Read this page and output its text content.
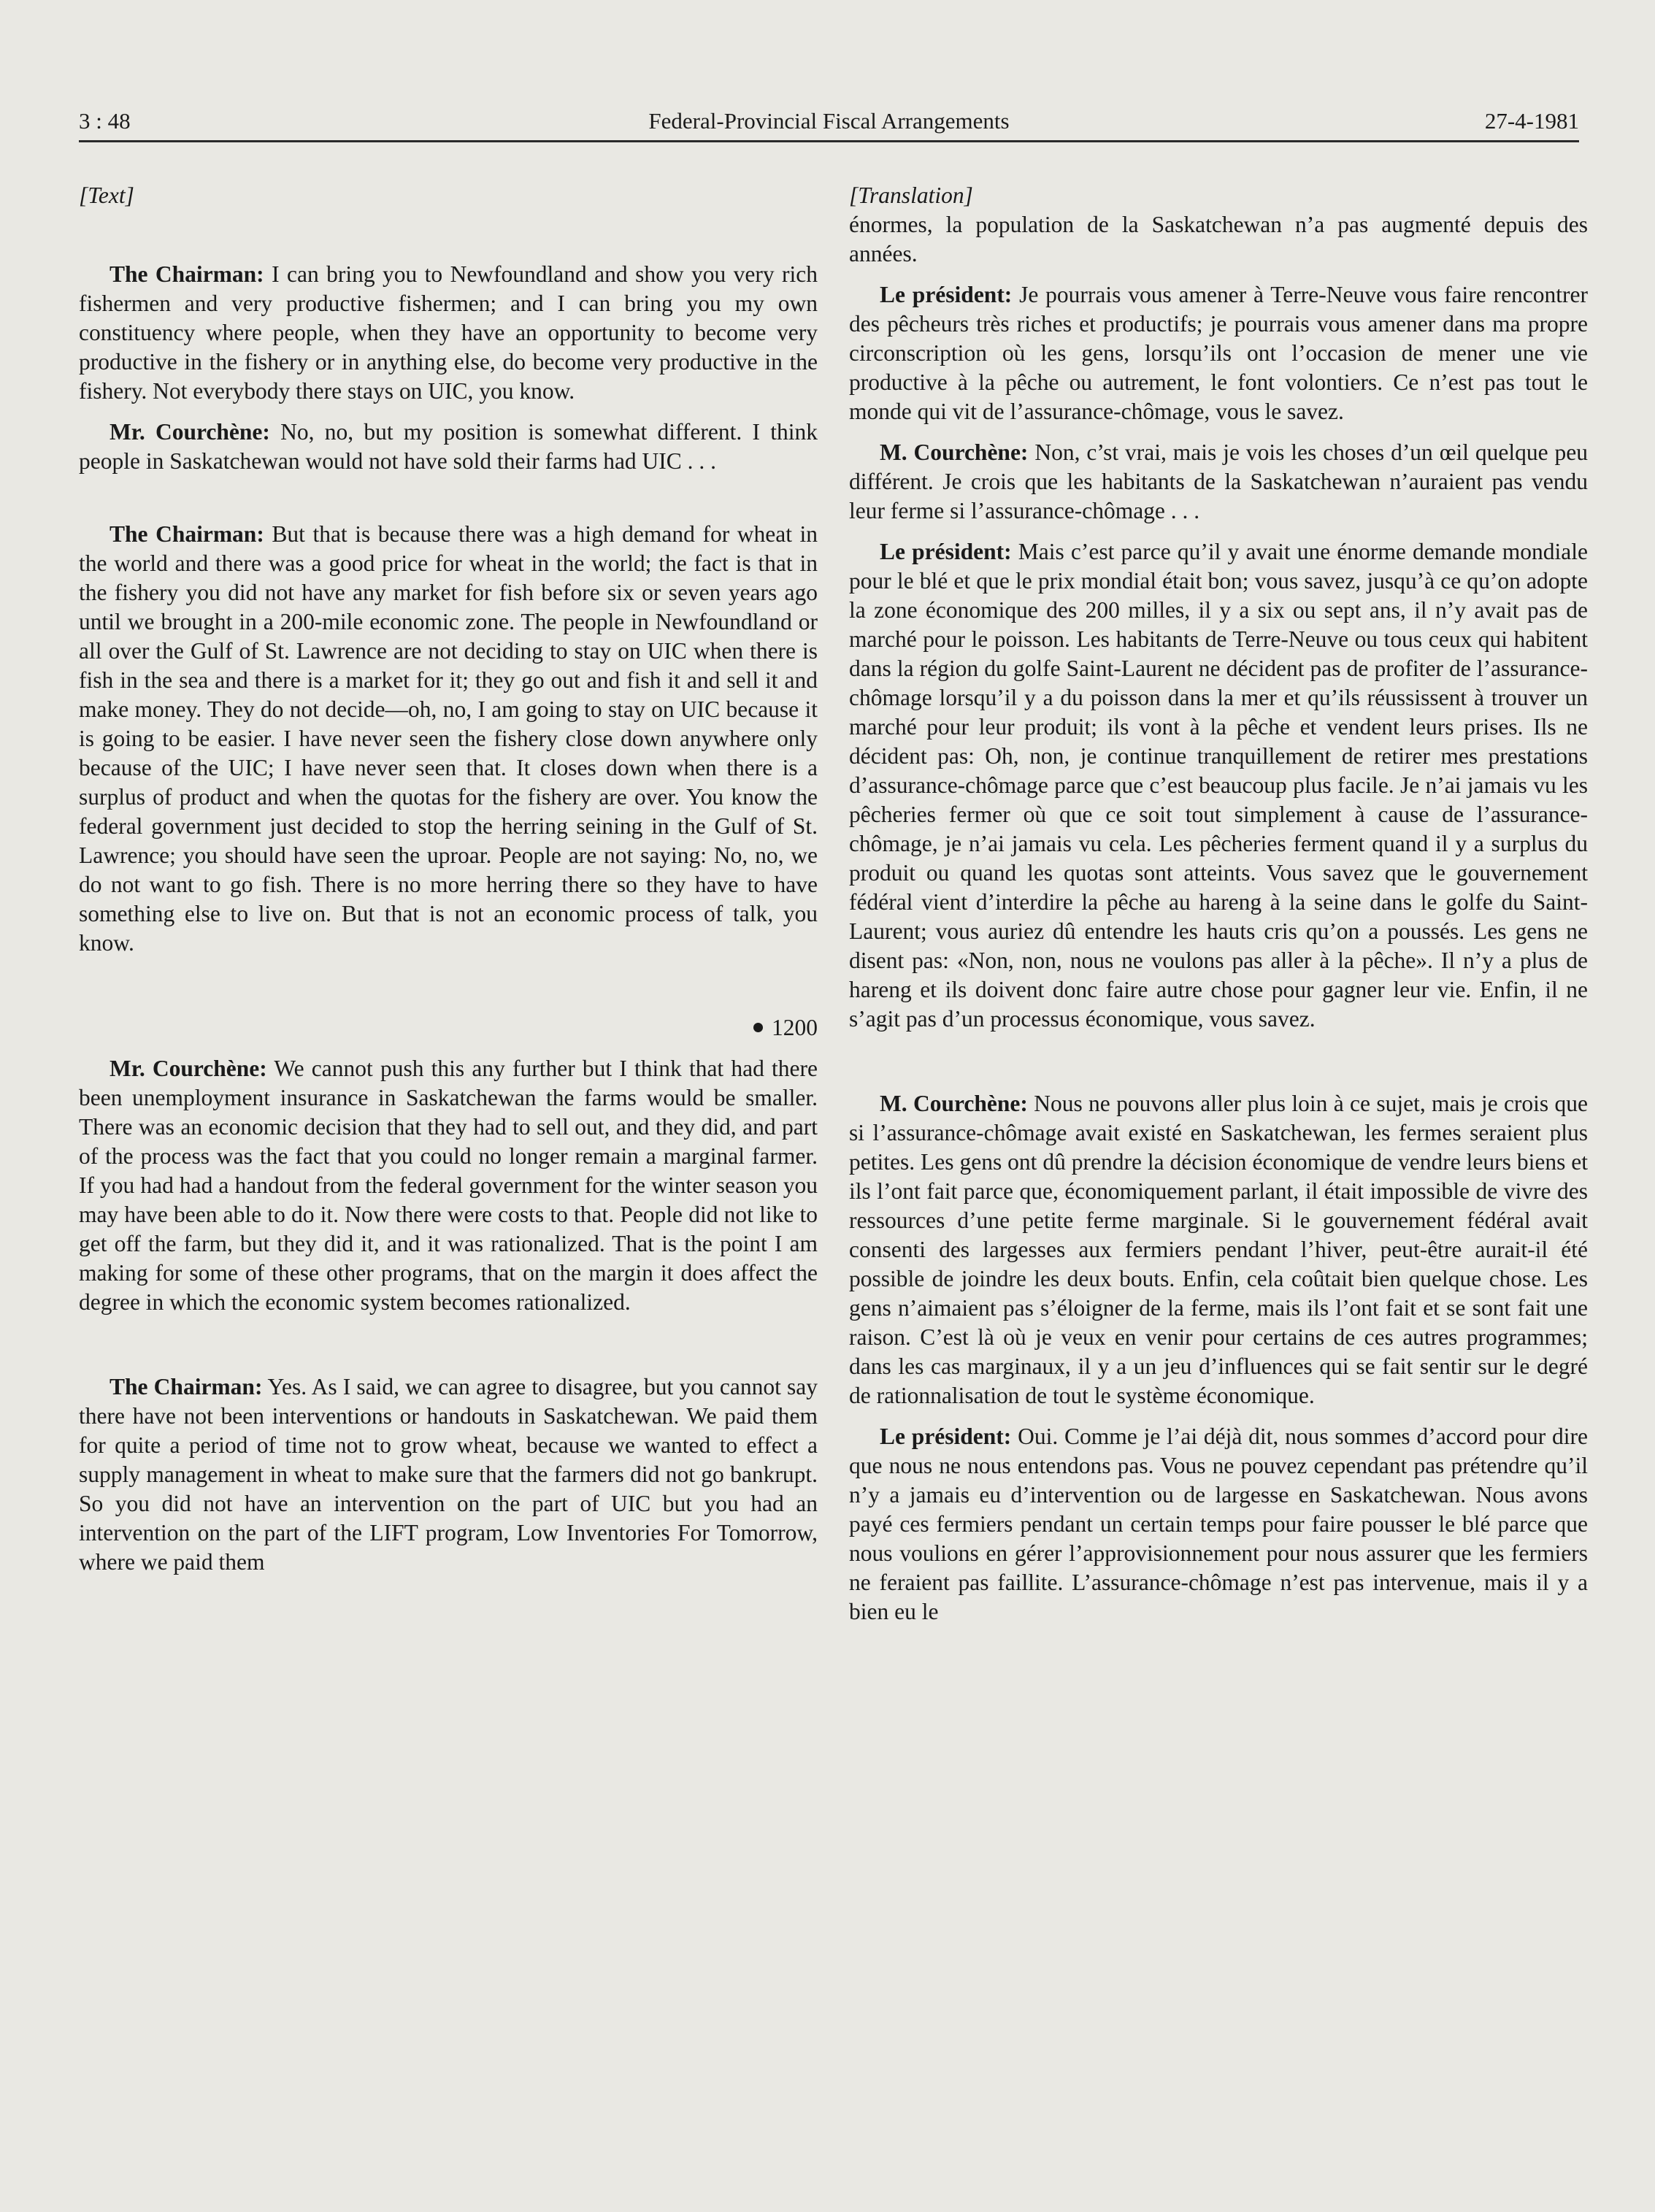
3 : 48	Federal-Provincial Fiscal Arrangements	27-4-1981

[Text]

The Chairman: I can bring you to Newfoundland and show you very rich fishermen and very productive fishermen; and I can bring you my own constituency where people, when they have an opportunity to become very productive in the fishery or in anything else, do become very productive in the fishery. Not everybody there stays on UIC, you know.

Mr. Courchène: No, no, but my position is somewhat different. I think people in Saskatchewan would not have sold their farms had UIC . . .

The Chairman: But that is because there was a high demand for wheat in the world and there was a good price for wheat in the world; the fact is that in the fishery you did not have any market for fish before six or seven years ago until we brought in a 200-mile economic zone. The people in Newfoundland or all over the Gulf of St. Lawrence are not deciding to stay on UIC when there is fish in the sea and there is a market for it; they go out and fish it and sell it and make money. They do not decide—oh, no, I am going to stay on UIC because it is going to be easier. I have never seen the fishery close down anywhere only because of the UIC; I have never seen that. It closes down when there is a surplus of product and when the quotas for the fishery are over. You know the federal government just decided to stop the herring seining in the Gulf of St. Lawrence; you should have seen the uproar. People are not saying: No, no, we do not want to go fish. There is no more herring there so they have to have something else to live on. But that is not an economic process of talk, you know.

1200

Mr. Courchène: We cannot push this any further but I think that had there been unemployment insurance in Saskatchewan the farms would be smaller. There was an economic decision that they had to sell out, and they did, and part of the process was the fact that you could no longer remain a marginal farmer. If you had had a handout from the federal government for the winter season you may have been able to do it. Now there were costs to that. People did not like to get off the farm, but they did it, and it was rationalized. That is the point I am making for some of these other programs, that on the margin it does affect the degree in which the economic system becomes rationalized.

The Chairman: Yes. As I said, we can agree to disagree, but you cannot say there have not been interventions or handouts in Saskatchewan. We paid them for quite a period of time not to grow wheat, because we wanted to effect a supply management in wheat to make sure that the farmers did not go bankrupt. So you did not have an intervention on the part of UIC but you had an intervention on the part of the LIFT program, Low Inventories For Tomorrow, where we paid them

[Translation]

énormes, la population de la Saskatchewan n’a pas augmenté depuis des années.

Le président: Je pourrais vous amener à Terre-Neuve vous faire rencontrer des pêcheurs très riches et productifs; je pourrais vous amener dans ma propre circonscription où les gens, lorsqu’ils ont l’occasion de mener une vie productive à la pêche ou autrement, le font volontiers. Ce n’est pas tout le monde qui vit de l’assurance-chômage, vous le savez.

M. Courchène: Non, c’st vrai, mais je vois les choses d’un œil quelque peu différent. Je crois que les habitants de la Saskatchewan n’auraient pas vendu leur ferme si l’assurance-chômage . . .

Le président: Mais c’est parce qu’il y avait une énorme demande mondiale pour le blé et que le prix mondial était bon; vous savez, jusqu’à ce qu’on adopte la zone économique des 200 milles, il y a six ou sept ans, il n’y avait pas de marché pour le poisson. Les habitants de Terre-Neuve ou tous ceux qui habitent dans la région du golfe Saint-Laurent ne décident pas de profiter de l’assurance-chômage lorsqu’il y a du poisson dans la mer et qu’ils réussissent à trouver un marché pour leur produit; ils vont à la pêche et vendent leurs prises. Ils ne décident pas: Oh, non, je continue tranquillement de retirer mes prestations d’assurance-chômage parce que c’est beaucoup plus facile. Je n’ai jamais vu les pêcheries fermer où que ce soit tout simplement à cause de l’assurance-chômage, je n’ai jamais vu cela. Les pêcheries ferment quand il y a surplus du produit ou quand les quotas sont atteints. Vous savez que le gouvernement fédéral vient d’interdire la pêche au hareng à la seine dans le golfe du Saint-Laurent; vous auriez dû entendre les hauts cris qu’on a poussés. Les gens ne disent pas: «Non, non, nous ne voulons pas aller à la pêche». Il n’y a plus de hareng et ils doivent donc faire autre chose pour gagner leur vie. Enfin, il ne s’agit pas d’un processus économique, vous savez.

M. Courchène: Nous ne pouvons aller plus loin à ce sujet, mais je crois que si l’assurance-chômage avait existé en Saskatchewan, les fermes seraient plus petites. Les gens ont dû prendre la décision économique de vendre leurs biens et ils l’ont fait parce que, économiquement parlant, il était impossible de vivre des ressources d’une petite ferme marginale. Si le gouvernement fédéral avait consenti des largesses aux fermiers pendant l’hiver, peut-être aurait-il été possible de joindre les deux bouts. Enfin, cela coûtait bien quelque chose. Les gens n’aimaient pas s’éloigner de la ferme, mais ils l’ont fait et se sont fait une raison. C’est là où je veux en venir pour certains de ces autres programmes; dans les cas marginaux, il y a un jeu d’influences qui se fait sentir sur le degré de rationnalisation de tout le système économique.

Le président: Oui. Comme je l’ai déjà dit, nous sommes d’accord pour dire que nous ne nous entendons pas. Vous ne pouvez cependant pas prétendre qu’il n’y a jamais eu d’intervention ou de largesse en Saskatchewan. Nous avons payé ces fermiers pendant un certain temps pour faire pousser le blé parce que nous voulions en gérer l’approvisionnement pour nous assurer que les fermiers ne feraient pas faillite. L’assurance-chômage n’est pas intervenue, mais il y a bien eu le
